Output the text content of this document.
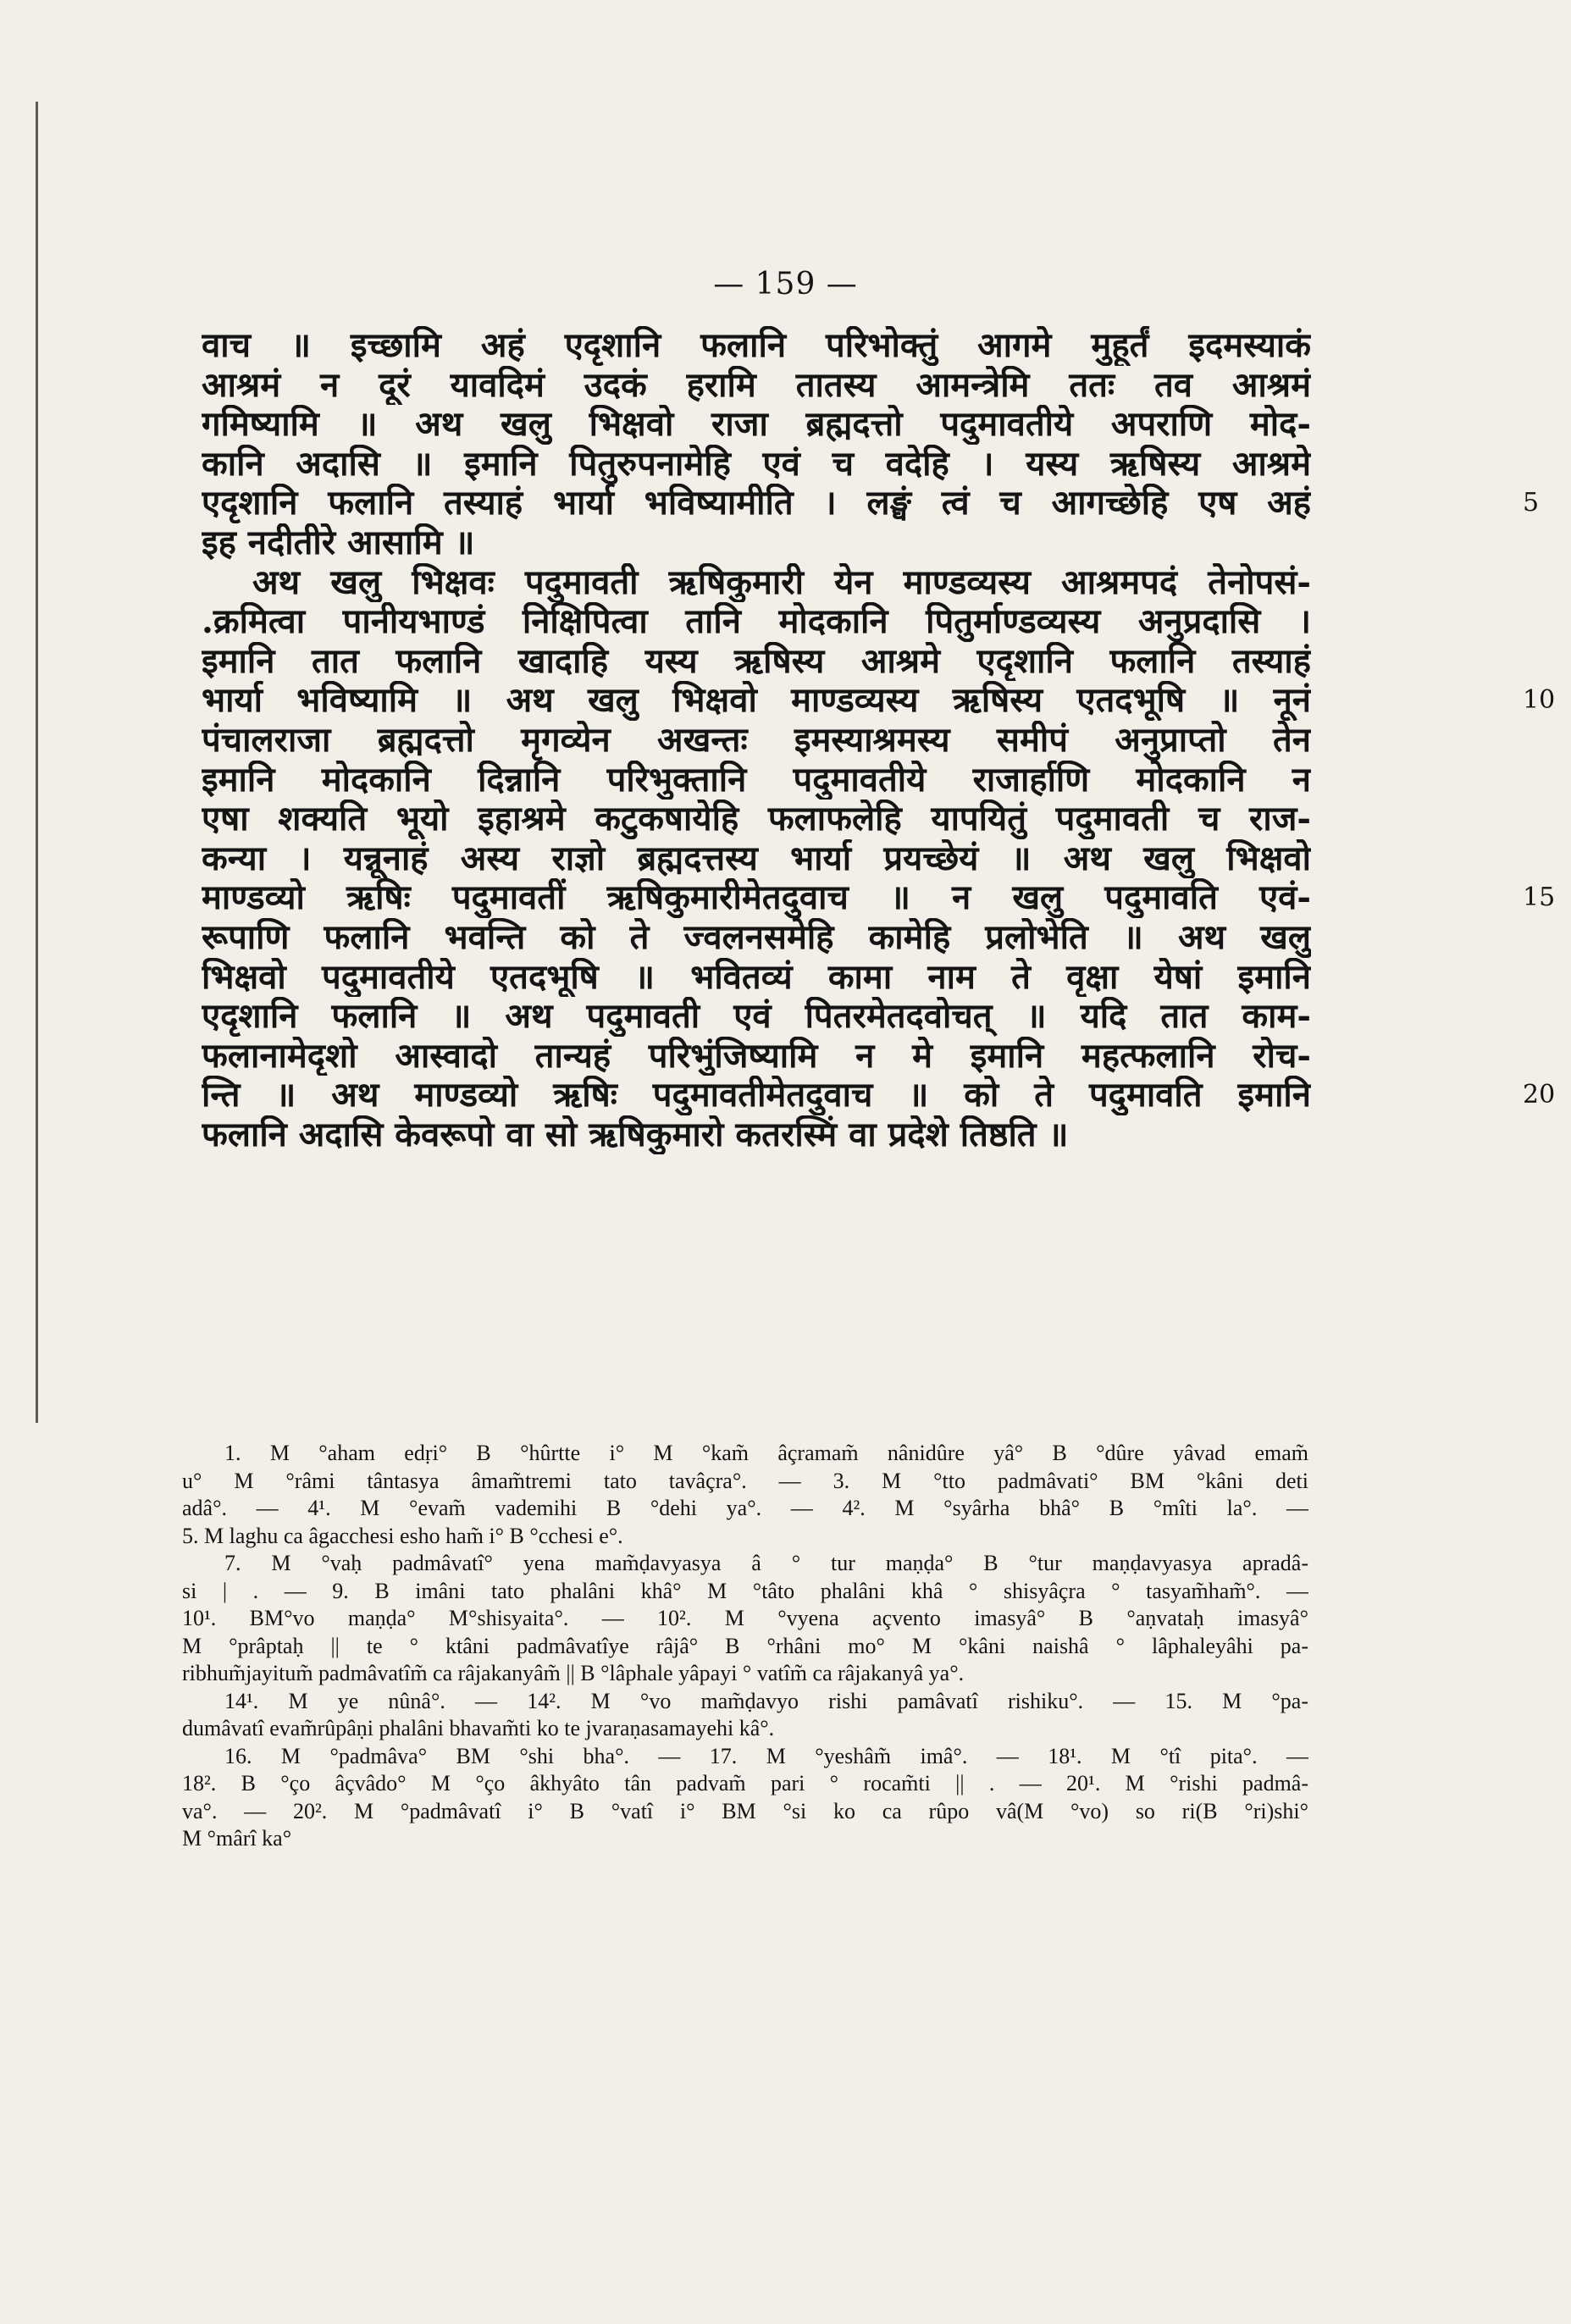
— 159 —
वाच ॥ इच्छामि अहं एदृशानि फलानि परिभोक्तुं आगमे मुहूर्तं इदमस्याकं
आश्रमं न दूरं यावदिमं उदकं हरामि तातस्य आमन्त्रेमि ततः तव आश्रमं
गमिष्यामि ॥ अथ खलु भिक्षवो राजा ब्रह्मदत्तो पदुमावतीये अपराणि मोद-
कानि अदासि ॥ इमानि पितुरुपनामेहि एवं च वदेहि । यस्य ऋषिस्य आश्रमे
एदृशानि फलानि तस्याहं भार्या भविष्यामीति । लङ्घं त्वं च आगच्छेहि एष अहं	5
इह नदीतीरे आसामि ॥
अथ खलु भिक्षवः पदुमावती ऋषिकुमारी येन माण्डव्यस्य आश्रमपदं तेनोपसं-
.क्रमित्वा पानीयभाण्डं निक्षिपित्वा तानि मोदकानि पितुर्माण्डव्यस्य अनुप्रदासि ।
इमानि तात फलानि खादाहि यस्य ऋषिस्य आश्रमे एदृशानि फलानि तस्याहं
भार्या भविष्यामि ॥ अथ खलु भिक्षवो माण्डव्यस्य ऋषिस्य एतदभूषि ॥ नूनं	10
पंचालराजा ब्रह्मदत्तो मृगव्येन अखन्तः इमस्याश्रमस्य समीपं अनुप्राप्तो तेन
इमानि मोदकानि दिन्नानि परिभुक्तानि पदुमावतीये राजार्हाणि मोदकानि न
एषा शक्यति भूयो इहाश्रमे कटुकषायेहि फलाफलेहि यापयितुं पदुमावती च राज-
कन्या । यन्नूनाहं अस्य राज्ञो ब्रह्मदत्तस्य भार्या प्रयच्छेयं ॥ अथ खलु भिक्षवो
माण्डव्यो ऋषिः पदुमावतीं ऋषिकुमारीमेतदुवाच ॥ न खलु पदुमावति एवं-	15
रूपाणि फलानि भवन्ति को ते ज्वलनसमेहि कामेहि प्रलोभेति ॥ अथ खलु
भिक्षवो पदुमावतीये एतदभूषि ॥ भवितव्यं कामा नाम ते वृक्षा येषां इमानि
एदृशानि फलानि ॥ अथ पदुमावती एवं पितरमेतदवोचत् ॥ यदि तात काम-
फलानामेदृशो आस्वादो तान्यहं परिभुंजिष्यामि न मे इमानि महत्फलानि रोच-
न्ति ॥ अथ माण्डव्यो ऋषिः पदुमावतीमेतदुवाच ॥ को ते पदुमावति इमानि	20
फलानि अदासि केवरूपो वा सो ऋषिकुमारो कतरस्मिं वा प्रदेशे तिष्ठति ॥
1. M °aham edṛi° B °hûrtte i° M °kam̃ âçramam̃ nânidûre yâ° B °dûre yâvad emam̃
u° M °râmi tântasya âmam̃tremi tato tavâçra°. — 3. M °tto padmâvati° BM °kâni deti
adâ°. — 4¹. M °evam̃ vademihi B °dehi ya°. — 4². M °syârha bhâ° B °mîti la°. —
5. M laghu ca âgacchesi esho ham̃ i° B °cchesi e°.
7. M °vaḥ padmâvatî° yena mam̃ḍavyasya â ° tur maṇḍa° B °tur maṇḍavyasya apradâ-
si | . — 9. B imâni tato phalâni khâ° M °tâto phalâni khâ ° shisyâçra ° tasyam̃ham̃°. —
10¹. BM°vo maṇḍa° M°shisyaita°. — 10². M °vyena açvento imasyâ° B °aṇvataḥ imasyâ°
M °prâptaḥ || te ° ktâni padmâvatîye râjâ° B °rhâni mo° M °kâni naishâ ° lâphaleyâhi pa-
ribhum̃jayitum̃ padmâvatîm̃ ca râjakanyâm̃ || B °lâphale yâpayi ° vatîm̃ ca râjakanyâ ya°.
14¹. M ye nûnâ°. — 14². M °vo mam̃ḍavyo rishi pamâvatî rishiku°. — 15. M °pa-
dumâvatî evam̃rûpâṇi phalâni bhavam̃ti ko te jvaraṇasamayehi kâ°.
16. M °padmâva° BM °shi bha°. — 17. M °yeshâm̃ imâ°. — 18¹. M °tî pita°. —
18². B °ço âçvâdo° M °ço âkhyâto tân padvam̃ pari ° rocam̃ti || . — 20¹. M °rishi padmâ-
va°. — 20². M °padmâvatî i° B °vatî i° BM °si ko ca rûpo vâ(M °vo) so ri(B °ri)shi°
M °mârî ka°
